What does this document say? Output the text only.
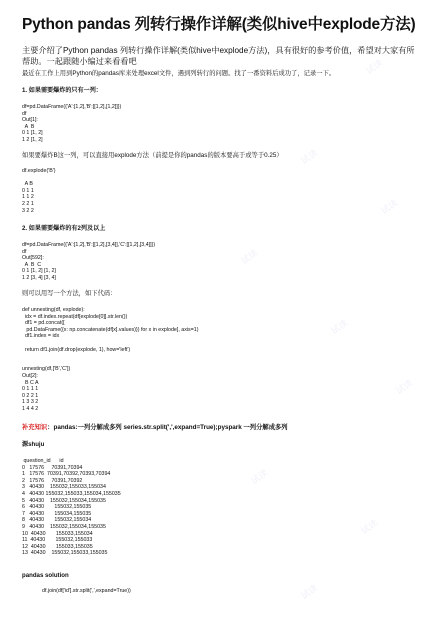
Python pandas 列转行操作详解(类似hive中explode方法)
主要介绍了Python pandas 列转行操作详解(类似hive中explode方法)，具有很好的参考价值，希望对大家有所帮助。一起跟随小编过来看看吧
最近在工作上用到Python的pandas库来处理excel文件，遇到列转行的问题。找了一番资料后成功了，记录一下。
1. 如果需要爆炸的只有一列：
df=pd.DataFrame({'A':[1,2],'B':[[1,2],[1,2]]})
df
Out[1]:
A  B
0 1 [1, 2]
1 2 [1, 2]
如果要爆炸B这一列，可以直接用explode方法（前提是你的pandas的版本要高于或等于0.25）
df.explode('B')

A B
0 1 1
1 1 2
2 2 1
3 2 2
2. 如果需要爆炸的有2列及以上
df=pd.DataFrame({'A':[1,2],'B':[[1,2],[3,4]],'C':[[1,2],[3,4]]})
df
Out[592]:
A  B  C
0 1 [1, 2] [1, 2]
1 2 [3, 4] [3, 4]
则可以用写一个方法，如下代码：
def unnesting(df, explode):
idx = df.index.repeat(df[explode[0]].str.len())
df1 = pd.concat([
pd.DataFrame({x: np.concatenate(df[x].values)}) for x in explode], axis=1)
df1.index = idx

return df1.join(df.drop(explode, 1), how='left')

unnesting(df,['B','C'])
Out[2]:
B C A
0 1 1 1
0 2 2 1
1 3 3 2
1 4 4 2
补充知识：pandas:一列分解成多列 series.str.split(',',expand=True);pyspark 一列分解成多列
源shuju
question_id      id
0   17576     70391,70394
1   17576  70391,70392,70393,70394
2   17576     70391,70392
3   40430    155032,155033,155034
4   40430 155032,155033,155034,155035
5   40430    155032,155034,155035
6   40430       155032,155035
7   40430       155034,155035
8   40430       155032,155034
9   40430    155032,155034,155035
10  40430       155033,155034
11  40430       155032,155033
12  40430       155033,155035
13  40430    155032,155033,155035
pandas solution
df.join(df['id'].str.split(',',expand=True))
试读
试读
试读
试读
试读
试读
试读
试读
试读
